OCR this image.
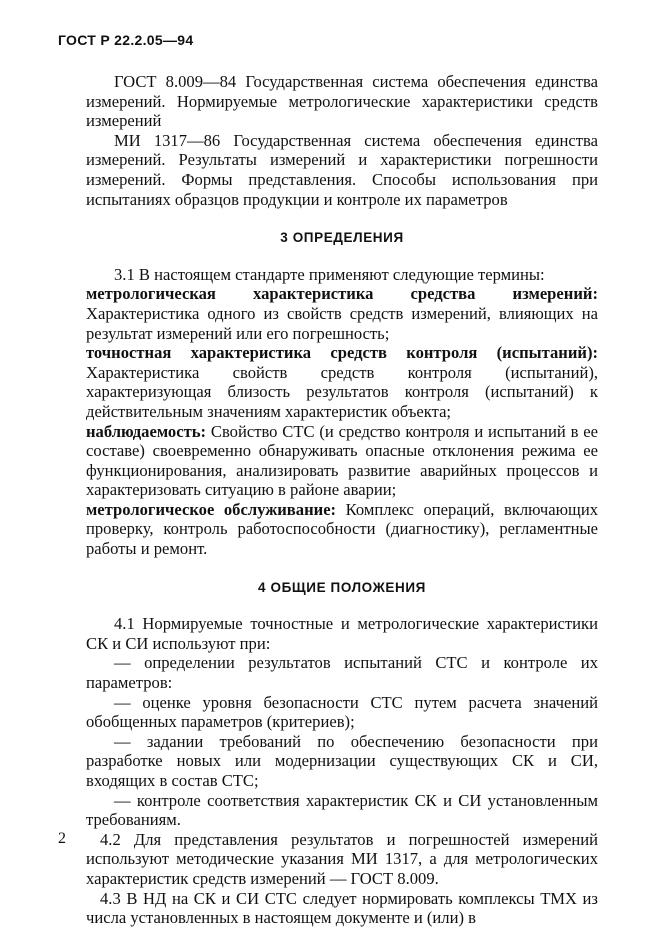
ГОСТ Р 22.2.05—94

ГОСТ 8.009—84 Государственная система обеспечения единства измерений. Нормируемые метрологические характеристики средств измерений

МИ 1317—86 Государственная система обеспечения единства измерений. Результаты измерений и характеристики погрешности измерений. Формы представления. Способы использования при испытаниях образцов продукции и контроле их параметров

3 ОПРЕДЕЛЕНИЯ

3.1 В настоящем стандарте применяют следующие термины:

метрологическая характеристика средства измерений: Характеристика одного из свойств средств измерений, влияющих на результат измерений или его погрешность;

точностная характеристика средств контроля (испытаний): Характеристика свойств средств контроля (испытаний), характеризующая близость результатов контроля (испытаний) к действительным значениям характеристик объекта;

наблюдаемость: Свойство СТС (и средство контроля и испытаний в ее составе) своевременно обнаруживать опасные отклонения режима ее функционирования, анализировать развитие аварийных процессов и характеризовать ситуацию в районе аварии;

метрологическое обслуживание: Комплекс операций, включающих проверку, контроль работоспособности (диагностику), регламентные работы и ремонт.

4 ОБЩИЕ ПОЛОЖЕНИЯ

4.1 Нормируемые точностные и метрологические характеристики СК и СИ используют при:

— определении результатов испытаний СТС и контроле их параметров:

— оценке уровня безопасности СТС путем расчета значений обобщенных параметров (критериев);

— задании требований по обеспечению безопасности при разработке новых или модернизации существующих СК и СИ, входящих в состав СТС;

— контроле соответствия характеристик СК и СИ установленным требованиям.

4.2 Для представления результатов и погрешностей измерений используют методические указания МИ 1317, а для метрологических характеристик средств измерений — ГОСТ 8.009.

4.3 В НД на СК и СИ СТС следует нормировать комплексы ТМХ из числа установленных в настоящем документе и (или) в

2
